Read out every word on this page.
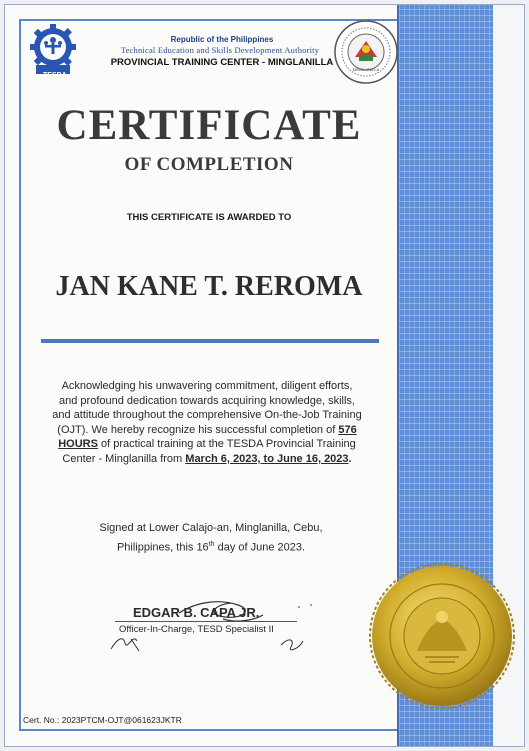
TESDA
Republic of the Philippines
Technical Education and Skills Development Authority
PROVINCIAL TRAINING CENTER - MINGLANILLA
MINGLANILLA
CERTIFICATE
OF COMPLETION
THIS CERTIFICATE IS AWARDED TO
JAN KANE T. REROMA
Acknowledging his unwavering commitment, diligent efforts, and profound dedication towards acquiring knowledge, skills, and attitude throughout the comprehensive On-the-Job Training (OJT). We hereby recognize his successful completion of 576 HOURS of practical training at the TESDA Provincial Training Center - Minglanilla from March 6, 2023, to June 16, 2023.
Signed at Lower Calajo-an, Minglanilla, Cebu,
Philippines, this 16th day of June 2023.
EDGAR B. CAPA JR.
Officer-In-Charge, TESD Specialist II
Cert. No.: 2023PTCM-OJT@061623JKTR
